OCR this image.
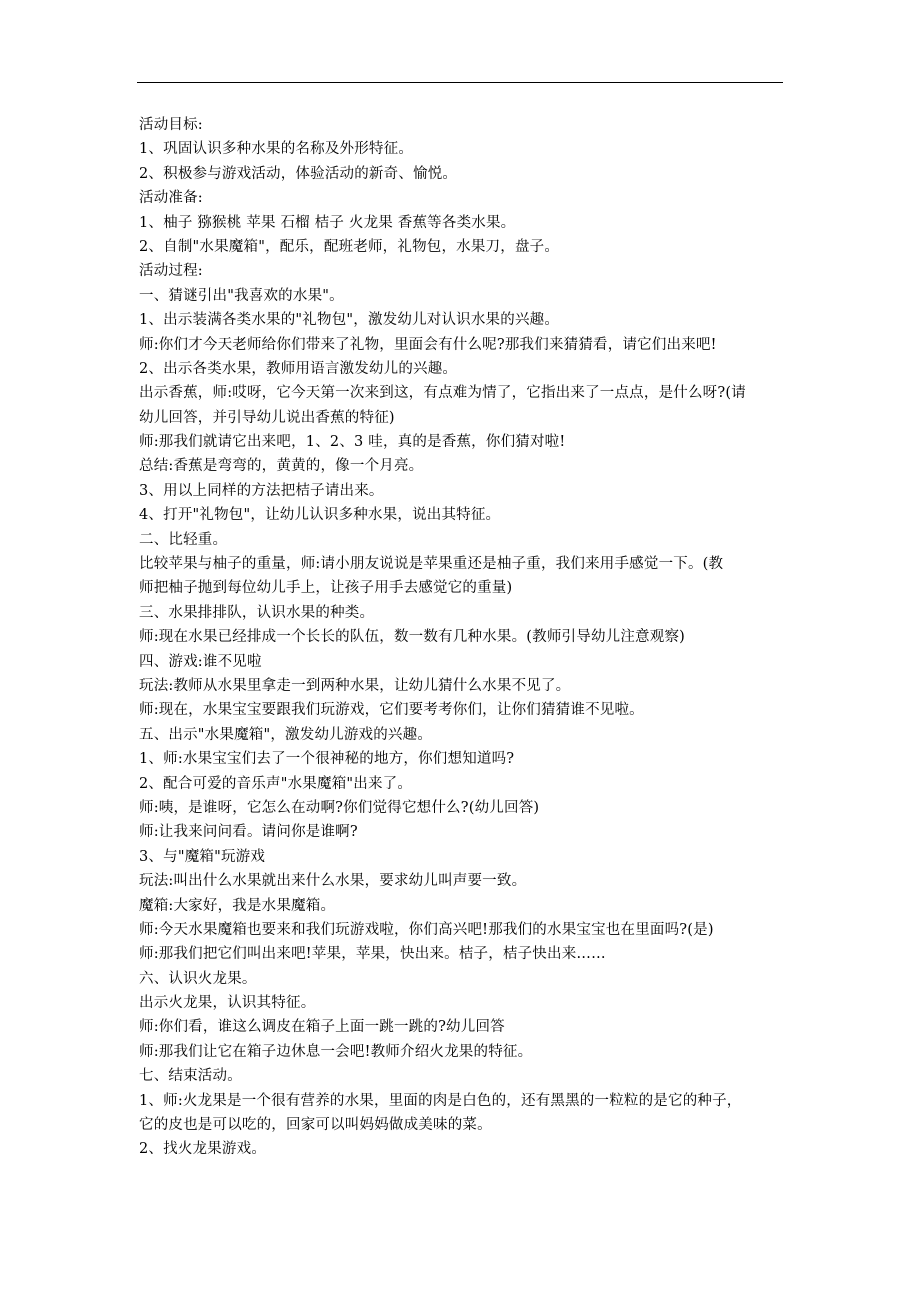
活动目标:
1、巩固认识多种水果的名称及外形特征。
2、积极参与游戏活动，体验活动的新奇、愉悦。
活动准备:
1、柚子 猕猴桃 苹果 石榴 桔子 火龙果 香蕉等各类水果。
2、自制"水果魔箱"，配乐，配班老师，礼物包，水果刀，盘子。
活动过程:
一、猜谜引出"我喜欢的水果"。
1、出示装满各类水果的"礼物包"，激发幼儿对认识水果的兴趣。
师:你们才今天老师给你们带来了礼物，里面会有什么呢?那我们来猜猜看，请它们出来吧!
2、出示各类水果，教师用语言激发幼儿的兴趣。
出示香蕉，师:哎呀，它今天第一次来到这，有点难为情了，它指出来了一点点，是什么呀?(请
幼儿回答，并引导幼儿说出香蕉的特征)
师:那我们就请它出来吧，1、2、3 哇，真的是香蕉，你们猜对啦!
总结:香蕉是弯弯的，黄黄的，像一个月亮。
3、用以上同样的方法把桔子请出来。
4、打开"礼物包"，让幼儿认识多种水果，说出其特征。
二、比轻重。
比较苹果与柚子的重量，师:请小朋友说说是苹果重还是柚子重，我们来用手感觉一下。(教
师把柚子抛到每位幼儿手上，让孩子用手去感觉它的重量)
三、水果排排队，认识水果的种类。
师:现在水果已经排成一个长长的队伍，数一数有几种水果。(教师引导幼儿注意观察)
四、游戏:谁不见啦
玩法:教师从水果里拿走一到两种水果，让幼儿猜什么水果不见了。
师:现在，水果宝宝要跟我们玩游戏，它们要考考你们，让你们猜猜谁不见啦。
五、出示"水果魔箱"，激发幼儿游戏的兴趣。
1、师:水果宝宝们去了一个很神秘的地方，你们想知道吗?
2、配合可爱的音乐声"水果魔箱"出来了。
师:咦，是谁呀，它怎么在动啊?你们觉得它想什么?(幼儿回答)
师:让我来问问看。请问你是谁啊?
3、与"魔箱"玩游戏
玩法:叫出什么水果就出来什么水果，要求幼儿叫声要一致。
魔箱:大家好，我是水果魔箱。
师:今天水果魔箱也要来和我们玩游戏啦，你们高兴吧!那我们的水果宝宝也在里面吗?(是)
师:那我们把它们叫出来吧!苹果，苹果，快出来。桔子，桔子快出来……
六、认识火龙果。
出示火龙果，认识其特征。
师:你们看，谁这么调皮在箱子上面一跳一跳的?幼儿回答
师:那我们让它在箱子边休息一会吧!教师介绍火龙果的特征。
七、结束活动。
1、师:火龙果是一个很有营养的水果，里面的肉是白色的，还有黑黑的一粒粒的是它的种子，
它的皮也是可以吃的，回家可以叫妈妈做成美味的菜。
2、找火龙果游戏。
